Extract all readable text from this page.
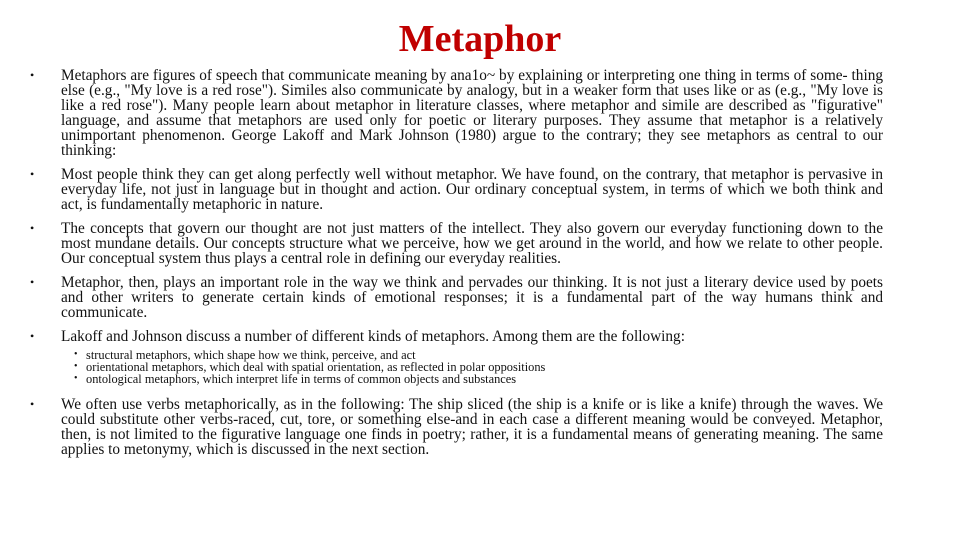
Metaphor
• Metaphors are figures of speech that communicate meaning by ana1o~ by explaining or interpreting one thing in terms of some- thing else (e.g., "My love is a red rose"). Similes also communicate by analogy, but in a weaker form that uses like or as (e.g., "My love is like a red rose"). Many people learn about metaphor in literature classes, where metaphor and simile are described as "figurative" language, and assume that metaphors are used only for poetic or literary purposes. They assume that metaphor is a relatively unimportant phenomenon. George Lakoff and Mark Johnson (1980) argue to the contrary; they see metaphors as central to our thinking:
• Most people think they can get along perfectly well without metaphor. We have found, on the contrary, that metaphor is pervasive in everyday life, not just in language but in thought and action. Our ordinary conceptual system, in terms of which we both think and act, is fundamentally metaphoric in nature.
• The concepts that govern our thought are not just matters of the intellect. They also govern our everyday functioning down to the most mundane details. Our concepts structure what we perceive, how we get around in the world, and how we relate to other people. Our conceptual system thus plays a central role in defining our everyday realities.
• Metaphor, then, plays an important role in the way we think and pervades our thinking. It is not just a literary device used by poets and other writers to generate certain kinds of emotional responses; it is a fundamental part of the way humans think and communicate.
• Lakoff and Johnson discuss a number of different kinds of metaphors. Among them are the following:
• structural metaphors, which shape how we think, perceive, and act
• orientational metaphors, which deal with spatial orientation, as reflected in polar oppositions
• ontological metaphors, which interpret life in terms of common objects and substances
• We often use verbs metaphorically, as in the following: The ship sliced (the ship is a knife or is like a knife) through the waves. We could substitute other verbs-raced, cut, tore, or something else-and in each case a different meaning would be conveyed. Metaphor, then, is not limited to the figurative language one finds in poetry; rather, it is a fundamental means of generating meaning. The same applies to metonymy, which is discussed in the next section.
